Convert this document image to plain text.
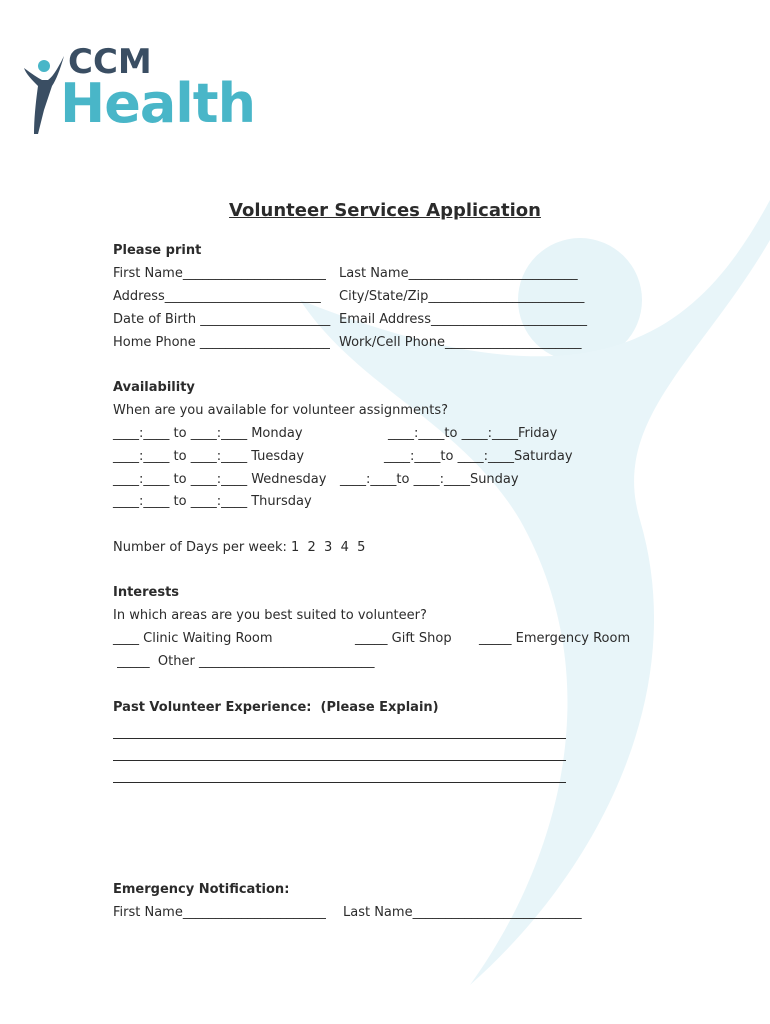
CCM
Health
Volunteer Services Application
Please print
First Name______________________ Last Name__________________________
Address________________________ City/State/Zip________________________
Date of Birth ____________________ Email Address________________________
Home Phone ____________________ Work/Cell Phone_____________________
Availability
When are you available for volunteer assignments?
____:____ to ____:____ Monday	____:____to ____:____Friday
____:____ to ____:____ Tuesday	____:____to ____:____Saturday
____:____ to ____:____ Wednesday ____:____to ____:____Sunday
____:____ to ____:____ Thursday
Number of Days per week: 1  2  3  4  5
Interests
In which areas are you best suited to volunteer?
____ Clinic Waiting Room	_____ Gift Shop _____ Emergency Room
_____  Other ___________________________
Past Volunteer Experience:  (Please Explain)
Emergency Notification:
First Name______________________ Last Name__________________________
